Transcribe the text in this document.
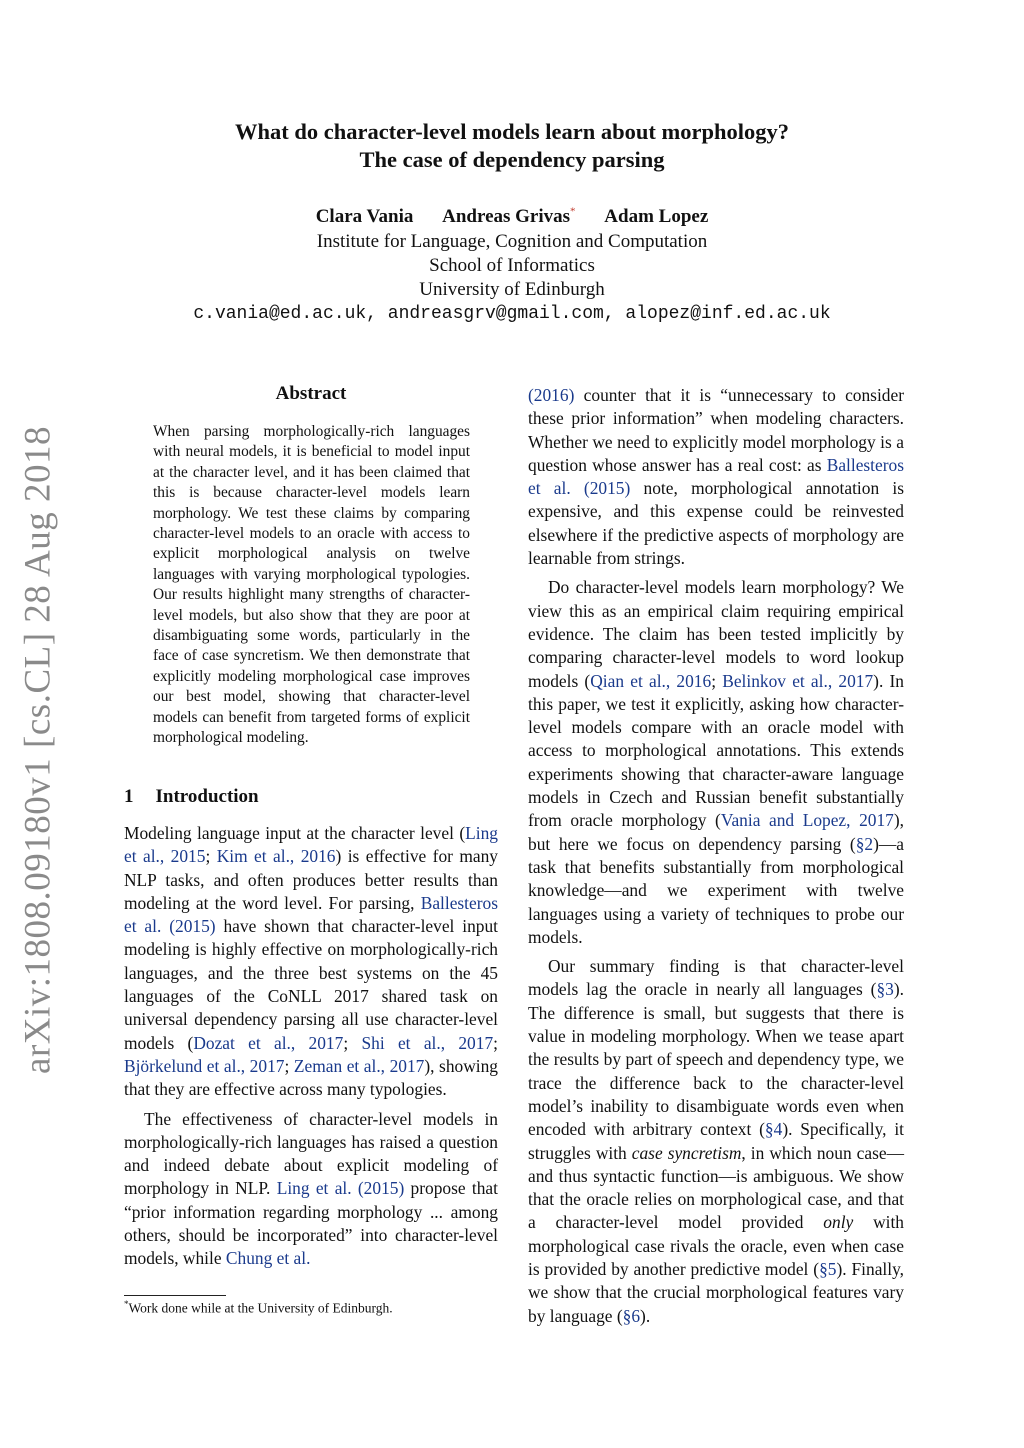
What do character-level models learn about morphology?
The case of dependency parsing
Clara Vania Andreas Grivas* Adam Lopez
Institute for Language, Cognition and Computation
School of Informatics
University of Edinburgh
c.vania@ed.ac.uk, andreasgrv@gmail.com, alopez@inf.ed.ac.uk
arXiv:1808.09180v1 [cs.CL] 28 Aug 2018
Abstract
When parsing morphologically-rich languages with neural models, it is beneficial to model input at the character level, and it has been claimed that this is because character-level models learn morphology. We test these claims by comparing character-level models to an oracle with access to explicit morphological analysis on twelve languages with varying morphological typologies. Our results highlight many strengths of character-level models, but also show that they are poor at disambiguating some words, particularly in the face of case syncretism. We then demonstrate that explicitly modeling morphological case improves our best model, showing that character-level models can benefit from targeted forms of explicit morphological modeling.
1 Introduction

Modeling language input at the character level (Ling et al., 2015; Kim et al., 2016) is effective for many NLP tasks, and often produces better results than modeling at the word level. For parsing, Ballesteros et al. (2015) have shown that character-level input modeling is highly effective on morphologically-rich languages, and the three best systems on the 45 languages of the CoNLL 2017 shared task on universal dependency parsing all use character-level models (Dozat et al., 2017; Shi et al., 2017; Björkelund et al., 2017; Zeman et al., 2017), showing that they are effective across many typologies.

The effectiveness of character-level models in morphologically-rich languages has raised a question and indeed debate about explicit modeling of morphology in NLP. Ling et al. (2015) propose that “prior information regarding morphology ... among others, should be incorporated” into character-level models, while Chung et al.

*Work done while at the University of Edinburgh.

(2016) counter that it is “unnecessary to consider these prior information” when modeling characters. Whether we need to explicitly model morphology is a question whose answer has a real cost: as Ballesteros et al. (2015) note, morphological annotation is expensive, and this expense could be reinvested elsewhere if the predictive aspects of morphology are learnable from strings.

Do character-level models learn morphology? We view this as an empirical claim requiring empirical evidence. The claim has been tested implicitly by comparing character-level models to word lookup models (Qian et al., 2016; Belinkov et al., 2017). In this paper, we test it explicitly, asking how character-level models compare with an oracle model with access to morphological annotations. This extends experiments showing that character-aware language models in Czech and Russian benefit substantially from oracle morphology (Vania and Lopez, 2017), but here we focus on dependency parsing (§2)—a task that benefits substantially from morphological knowledge—and we experiment with twelve languages using a variety of techniques to probe our models.

Our summary finding is that character-level models lag the oracle in nearly all languages (§3). The difference is small, but suggests that there is value in modeling morphology. When we tease apart the results by part of speech and dependency type, we trace the difference back to the character-level model’s inability to disambiguate words even when encoded with arbitrary context (§4). Specifically, it struggles with case syncretism, in which noun case—and thus syntactic function—is ambiguous. We show that the oracle relies on morphological case, and that a character-level model provided only with morphological case rivals the oracle, even when case is provided by another predictive model (§5). Finally, we show that the crucial morphological features vary by language (§6).
